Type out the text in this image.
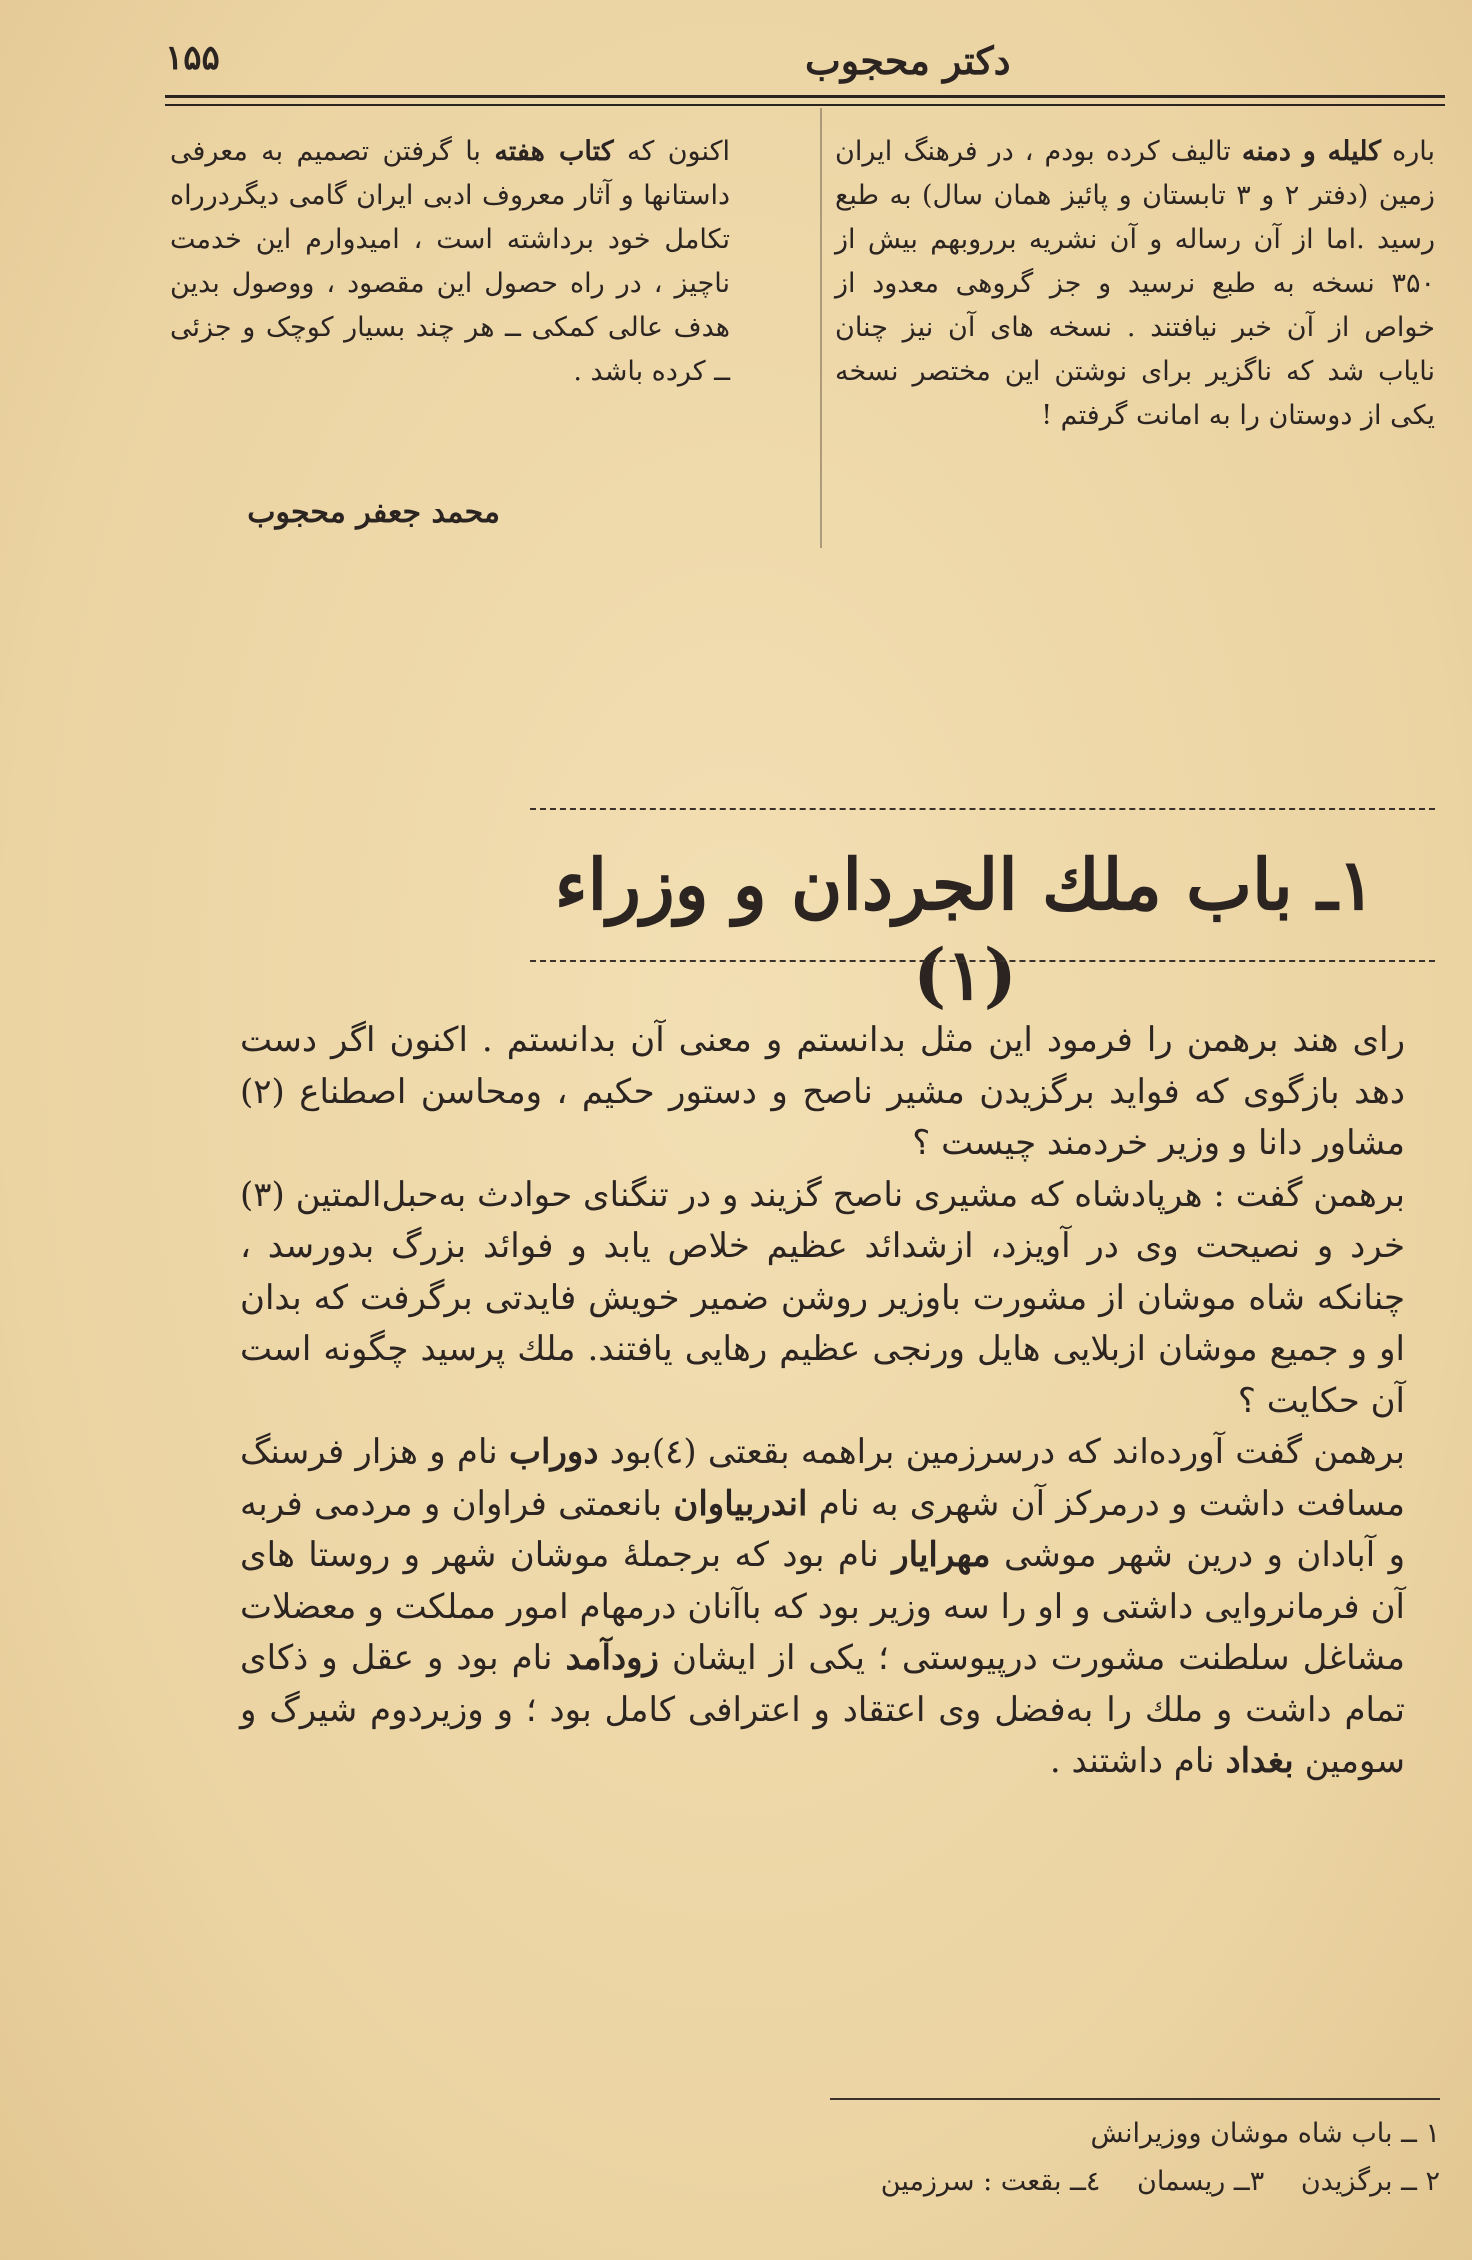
۱۵۵	دکتر محجوب
باره کلیله و دمنه تالیف کرده بودم ، در فرهنگ ایران زمین (دفتر ۲ و ۳ تابستان و پائیز همان سال) به طبع رسید .اما از آن رساله و آن نشریه برروبهم بیش از ۳۵۰ نسخه به طبع نرسید و جز گروهی معدود از خواص از آن خبر نیافتند . نسخه های آن نیز چنان نایاب شد که ناگزیر برای نوشتن این مختصر نسخه یکی از دوستان را به امانت گرفتم !
اکنون که کتاب هفته با گرفتن تصمیم به معرفی داستانها و آثار معروف ادبی ایران گامی دیگردرراه تکامل خود برداشته است ، امیدوارم این خدمت ناچیز ، در راه حصول این مقصود ، ووصول بدین هدف عالی کمکی ــ هر چند بسیار کوچک و جزئی ــ کرده باشد .
محمد جعفر محجوب
۱ـ باب ملك الجردان و وزراء (۱)

رای هند برهمن را فرمود این مثل بدانستم و معنی آن بدانستم . اکنون اگر دست دهد بازگوی که فواید برگزیدن مشیر ناصح و دستور حکیم ، ومحاسن اصطناع (۲) مشاور دانا و وزیر خردمند چیست ؟

برهمن گفت : هرپادشاه که مشیری ناصح گزیند و در تنگنای حوادث به‌حبل‌المتین (۳) خرد و نصیحت وی در آویزد، ازشدائد عظیم خلاص یابد و فوائد بزرگ بدورسد ، چنانکه شاه موشان از مشورت باوزیر روشن ضمیر خویش فایدتی برگرفت که بدان او و جمیع موشان ازبلایی هایل ورنجی عظیم رهایی یافتند. ملك پرسید چگونه است آن حکایت ؟

برهمن گفت آورده‌اند که درسرزمین براهمه بقعتی (٤)بود دوراب نام و هزار فرسنگ مسافت داشت و درمرکز آن شهری به نام اندربیاوان بانعمتی فراوان و مردمی فربه و آبادان و درین شهر موشی مهرایار نام بود که برجملهٔ موشان شهر و روستا های آن فرمانروایی داشتی و او را سه وزیر بود که باآنان درمهام امور مملکت و معضلات مشاغل سلطنت مشورت درپیوستی ؛ یکی از ایشان زودآمد نام بود و عقل و ذکای تمام داشت و ملك را به‌فضل وی اعتقاد و اعترافی کامل بود ؛ و وزیردوم شیرگ و سومین بغداد نام داشتند .

۱ ــ باب شاه موشان ووزیرانش
۲ ــ برگزیدن ۳ــ ریسمان ٤ــ بقعت : سرزمین
